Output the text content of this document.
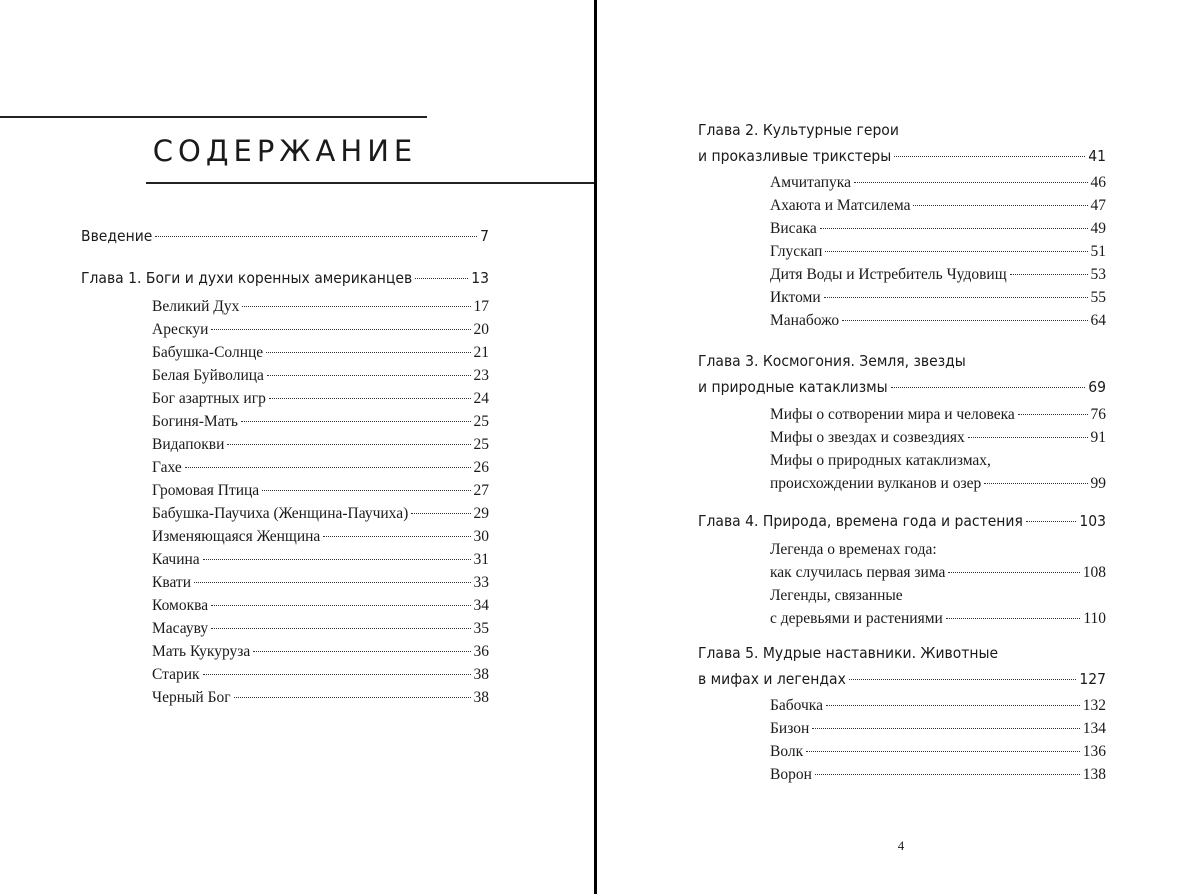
СОДЕРЖАНИЕ
Введение	7
Глава 1. Боги и духи коренных американцев	13
Великий Дух	17
Арескуи	20
Бабушка-Солнце	21
Белая Буйволица	23
Бог азартных игр	24
Богиня-Мать	25
Видапокви	25
Гахе	26
Громовая Птица	27
Бабушка-Паучиха (Женщина-Паучиха)	29
Изменяющаяся Женщина	30
Качина	31
Квати	33
Комоква	34
Масауву	35
Мать Кукуруза	36
Старик	38
Черный Бог	38
Глава 2. Культурные герои
и проказливые трикстеры	41
Амчитапука	46
Ахаюта и Матсилема	47
Висака	49
Глускап	51
Дитя Воды и Истребитель Чудовищ	53
Иктоми	55
Манабожо	64
Глава 3. Космогония. Земля, звезды
и природные катаклизмы	69
Мифы о сотворении мира и человека	76
Мифы о звездах и созвездиях	91
Мифы о природных катаклизмах,
происхождении вулканов и озер	99
Глава 4. Природа, времена года и растения	103
Легенда о временах года:
как случилась первая зима	108
Легенды, связанные
с деревьями и растениями	110
Глава 5. Мудрые наставники. Животные
в мифах и легендах	127
Бабочка	132
Бизон	134
Волк	136
Ворон	138
4
